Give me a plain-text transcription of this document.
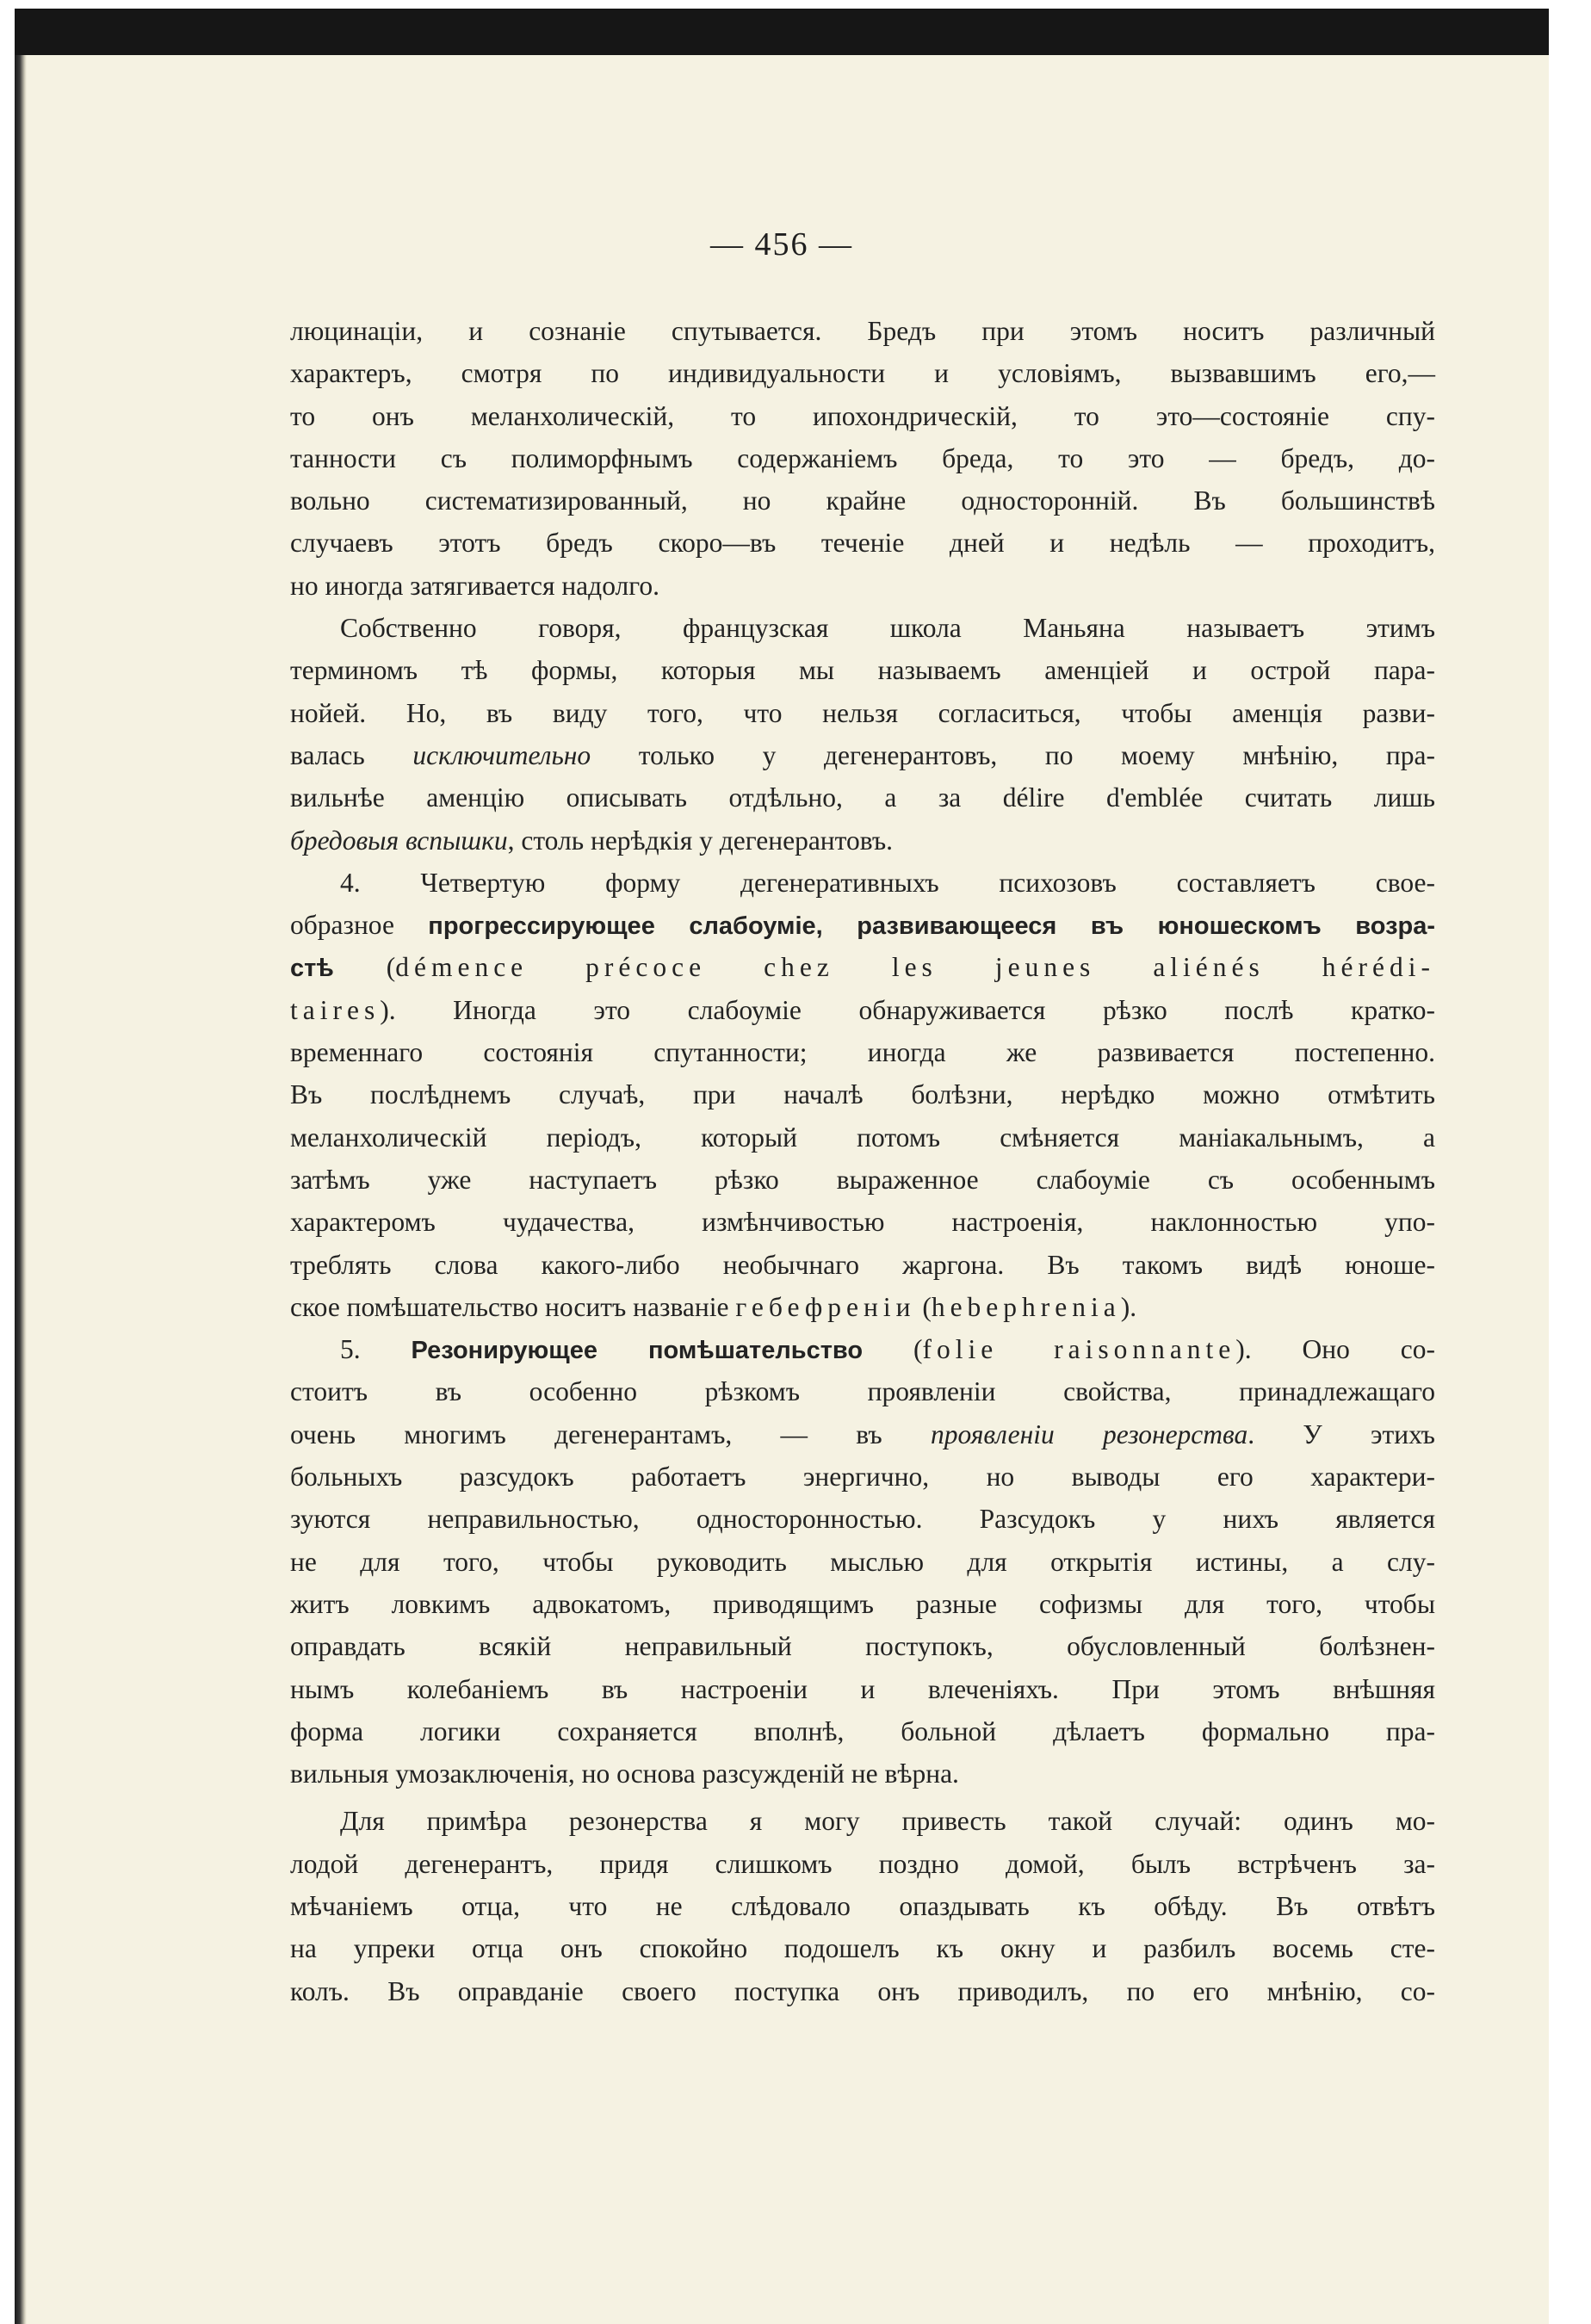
— 456 —
люцинаціи, и сознаніе спутывается. Бредъ при этомъ носитъ различный
характеръ, смотря по индивидуальности и условіямъ, вызвавшимъ его,—
то онъ меланхолическій, то ипохондрическій, то это—состояніе спу-
танности съ полиморфнымъ содержаніемъ бреда, то это — бредъ, до-
вольно систематизированный, но крайне односторонній. Въ большинствѣ
случаевъ этотъ бредъ скоро—въ теченіе дней и недѣль — проходитъ,
но иногда затягивается надолго.
Собственно говоря, французская школа Маньяна называетъ этимъ
терминомъ тѣ формы, которыя мы называемъ аменціей и острой пара-
нойей. Но, въ виду того, что нельзя согласиться, чтобы аменція разви-
валась исключительно только у дегенерантовъ, по моему мнѣнію, пра-
вильнѣе аменцію описывать отдѣльно, а за délire d'emblée считать лишь
бредовыя вспышки, столь нерѣдкія у дегенерантовъ.
4. Четвертую форму дегенеративныхъ психозовъ составляетъ свое-
образное прогрессирующее слабоуміе, развивающееся въ юношескомъ возра-
стѣ (démence précoce chez les jeunes aliénés hérédi-
taires). Иногда это слабоуміе обнаруживается рѣзко послѣ кратко-
временнаго состоянія спутанности; иногда же развивается постепенно.
Въ послѣднемъ случаѣ, при началѣ болѣзни, нерѣдко можно отмѣтить
меланхолическій періодъ, который потомъ смѣняется маніакальнымъ, а
затѣмъ уже наступаетъ рѣзко выраженное слабоуміе съ особеннымъ
характеромъ чудачества, измѣнчивостью настроенія, наклонностью упо-
треблять слова какого-либо необычнаго жаргона. Въ такомъ видѣ юноше-
ское помѣшательство носитъ названіе гебефреніи (hebephrenia).
5. Резонирующее помѣшательство (folie raisonnante). Оно со-
стоитъ въ особенно рѣзкомъ проявленіи свойства, принадлежащаго
очень многимъ дегенерантамъ, — въ проявленіи резонерства. У этихъ
больныхъ разсудокъ работаетъ энергично, но выводы его характери-
зуются неправильностью, односторонностью. Разсудокъ у нихъ является
не для того, чтобы руководить мыслью для открытія истины, а слу-
житъ ловкимъ адвокатомъ, приводящимъ разные софизмы для того, чтобы
оправдать всякій неправильный поступокъ, обусловленный болѣзнен-
нымъ колебаніемъ въ настроеніи и влеченіяхъ. При этомъ внѣшняя
форма логики сохраняется вполнѣ, больной дѣлаетъ формально пра-
вильныя умозаключенія, но основа разсужденій не вѣрна.
Для примѣра резонерства я могу привесть такой случай: одинъ мо-
лодой дегенерантъ, придя слишкомъ поздно домой, былъ встрѣченъ за-
мѣчаніемъ отца, что не слѣдовало опаздывать къ обѣду. Въ отвѣтъ
на упреки отца онъ спокойно подошелъ къ окну и разбилъ восемь сте-
колъ. Въ оправданіе своего поступка онъ приводилъ, по его мнѣнію, со-
